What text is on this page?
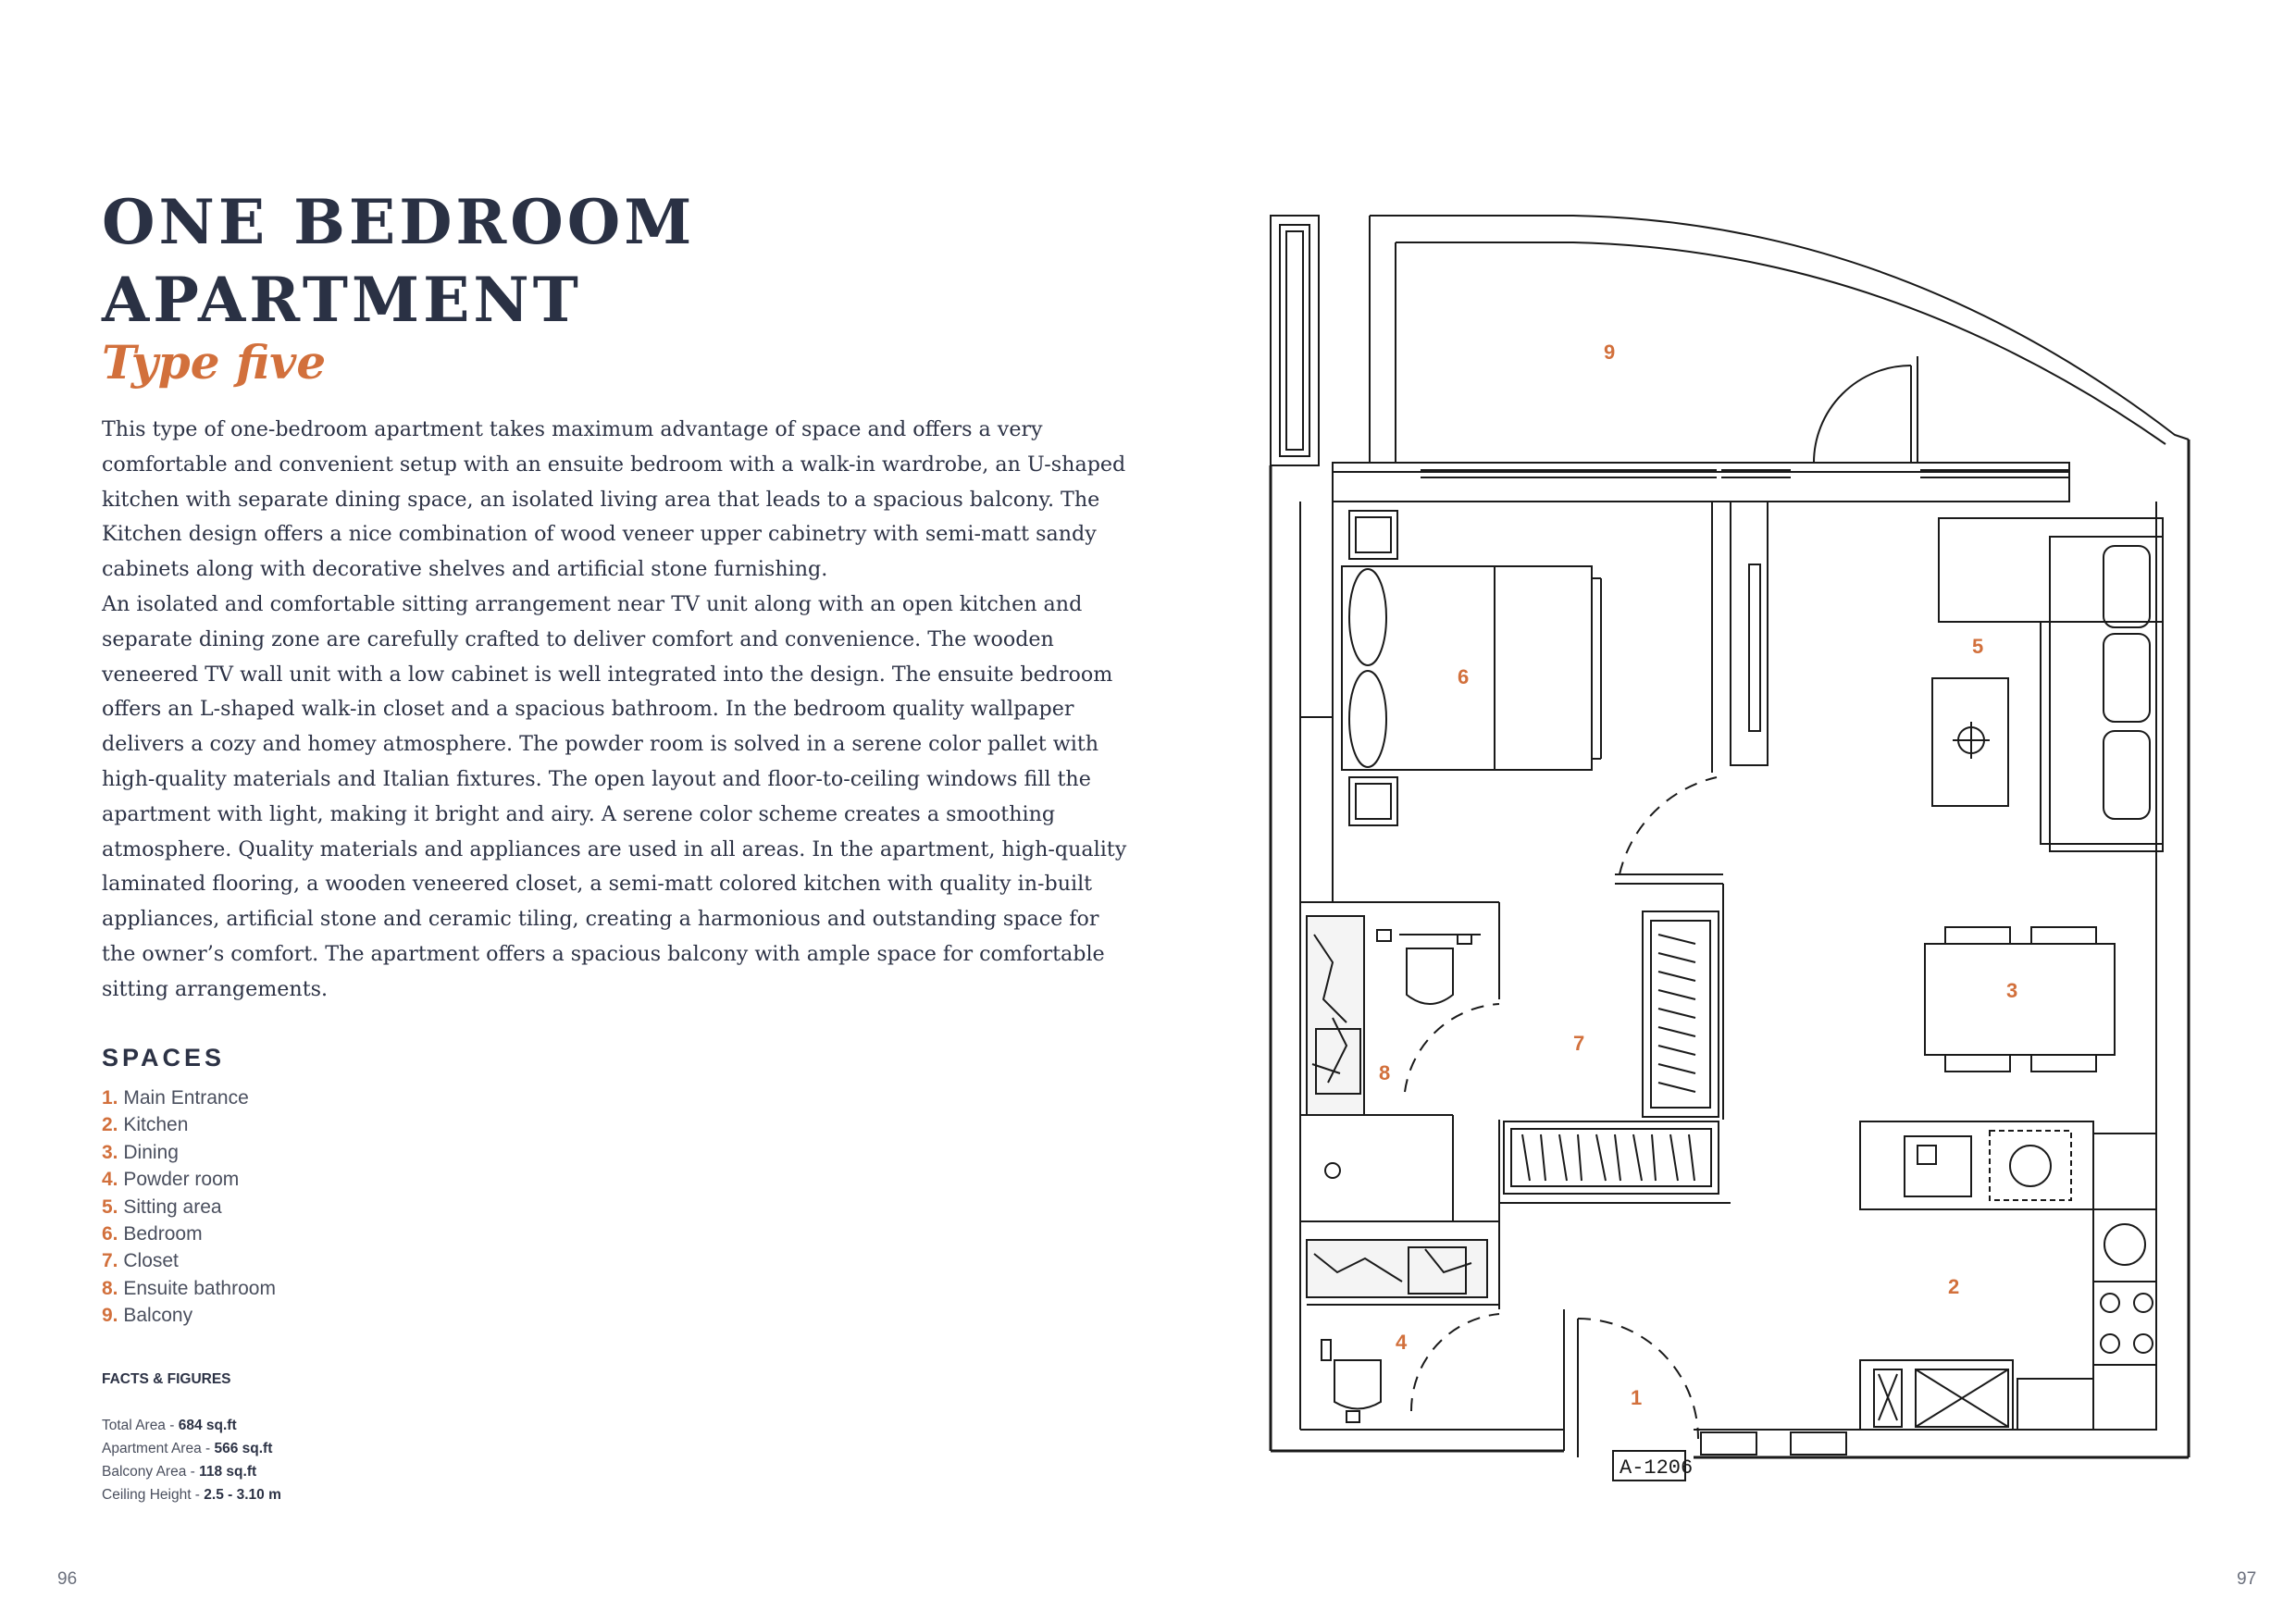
ONE BEDROOM
APARTMENT

Type five

This type of one-bedroom apartment takes maximum advantage of space and offers a very comfortable and convenient setup with an ensuite bedroom with a walk-in wardrobe, an U-shaped kitchen with separate dining space, an isolated living area that leads to a spacious balcony. The Kitchen design offers a nice combination of wood veneer upper cabinetry with semi-matt sandy cabinets along with decorative shelves and artificial stone furnishing.
An isolated and comfortable sitting arrangement near TV unit along with an open kitchen and separate dining zone are carefully crafted to deliver comfort and convenience. The wooden veneered TV wall unit with a low cabinet is well integrated into the design. The ensuite bedroom offers an L-shaped walk-in closet and a spacious bathroom. In the bedroom quality wallpaper delivers a cozy and homey atmosphere. The powder room is solved in a serene color pallet with high-quality materials and Italian fixtures. The open layout and floor-to-ceiling windows fill the apartment with light, making it bright and airy. A serene color scheme creates a smoothing atmosphere. Quality materials and appliances are used in all areas. In the apartment, high-quality laminated flooring, a wooden veneered closet, a semi-matt colored kitchen with quality in-built appliances, artificial stone and ceramic tiling, creating a harmonious and outstanding space for the owner’s comfort. The apartment offers a spacious balcony with ample space for comfortable sitting arrangements.
SPACES
1. Main Entrance
2. Kitchen
3. Dining
4. Powder room
5. Sitting area
6. Bedroom
7. Closet
8. Ensuite bathroom
9. Balcony
FACTS & FIGURES
Total Area - 684 sq.ft
Apartment Area - 566 sq.ft
Balcony Area - 118 sq.ft
Ceiling Height - 2.5 - 3.10 m
96	97
9
5
6
3
7
8
2
4
1
A-1206
